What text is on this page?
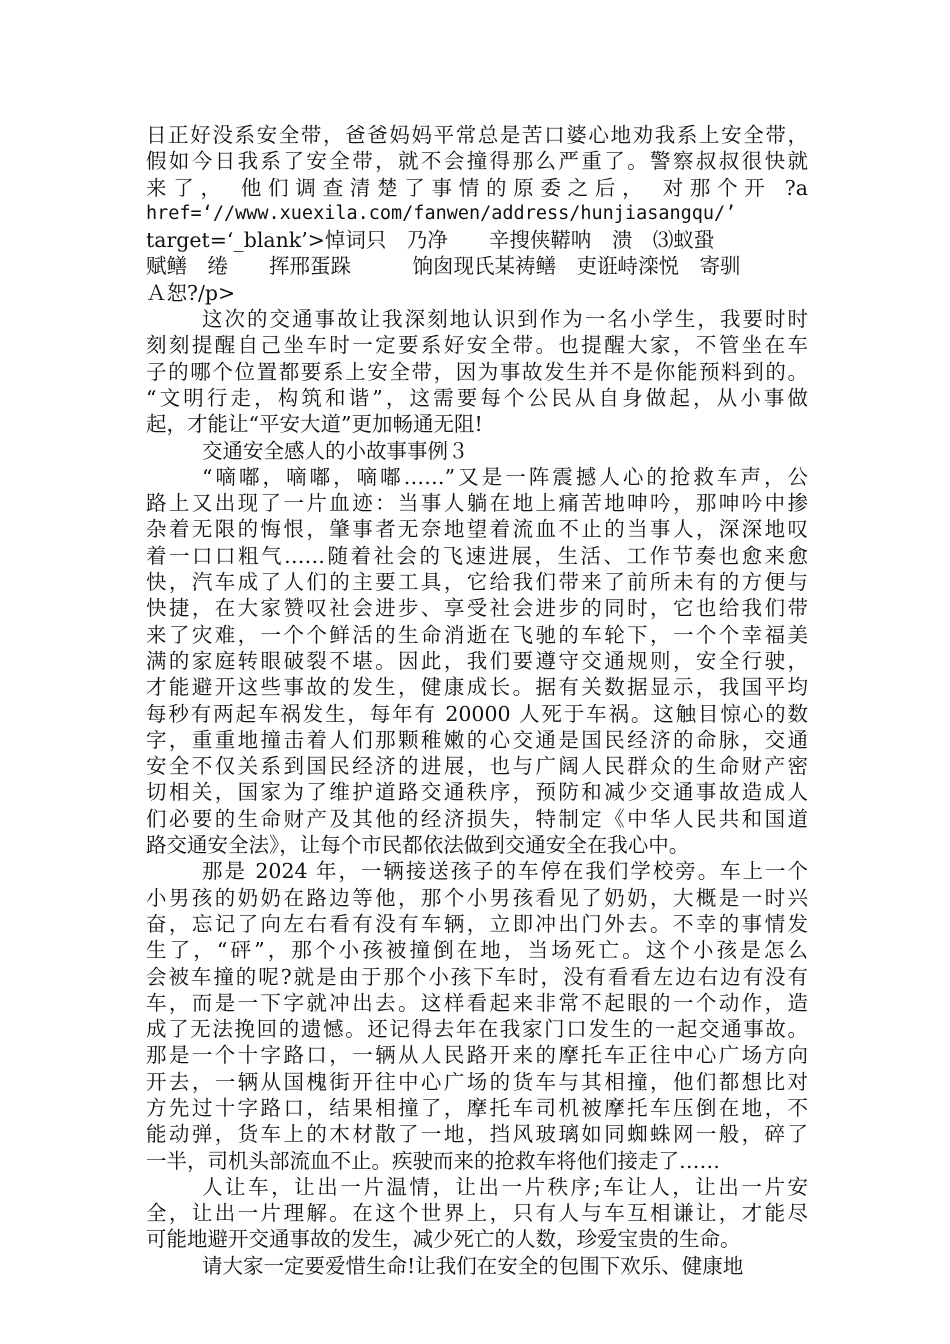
日正好没系安全带，爸爸妈妈平常总是苦口婆心地劝我系上安全带，
假如今日我系了安全带，就不会撞得那么严重了。警察叔叔很快就
来了， 他们调查清楚了事情的原委之后， 对那个开 ?a
href=‘//www.xuexila.com/fanwen/address/hunjiasangqu/’
target=‘_blank’>悼词只　乃净　　辛搜侠鞯呐　溃　⑶蚁蛩
赋鳝　绻　　挥邢蛋跺　　　饷囱现氏某祷鳝　吏诳峙滦悦　寄驯
Ａ恕?/p>
这次的交通事故让我深刻地认识到作为一名小学生，我要时时
刻刻提醒自己坐车时一定要系好安全带。也提醒大家，不管坐在车
子的哪个位置都要系上安全带，因为事故发生并不是你能预料到的。
“文明行走，构筑和谐”，这需要每个公民从自身做起，从小事做
起，才能让“平安大道”更加畅通无阻!
交通安全感人的小故事事例３
“嘀嘟，嘀嘟，嘀嘟……”又是一阵震撼人心的抢救车声，公
路上又出现了一片血迹：当事人躺在地上痛苦地呻吟，那呻吟中掺
杂着无限的悔恨，肇事者无奈地望着流血不止的当事人，深深地叹
着一口口粗气……随着社会的飞速进展，生活、工作节奏也愈来愈
快，汽车成了人们的主要工具，它给我们带来了前所未有的方便与
快捷，在大家赞叹社会进步、享受社会进步的同时，它也给我们带
来了灾难，一个个鲜活的生命消逝在飞驰的车轮下，一个个幸福美
满的家庭转眼破裂不堪。因此，我们要遵守交通规则，安全行驶，
才能避开这些事故的发生，健康成长。据有关数据显示，我国平均
每秒有两起车祸发生，每年有 20000 人死于车祸。这触目惊心的数
字，重重地撞击着人们那颗稚嫩的心交通是国民经济的命脉，交通
安全不仅关系到国民经济的进展，也与广阔人民群众的生命财产密
切相关，国家为了维护道路交通秩序，预防和减少交通事故造成人
们必要的生命财产及其他的经济损失，特制定《中华人民共和国道
路交通安全法》，让每个市民都依法做到交通安全在我心中。
那是 2024 年，一辆接送孩子的车停在我们学校旁。车上一个
小男孩的奶奶在路边等他，那个小男孩看见了奶奶，大概是一时兴
奋，忘记了向左右看有没有车辆，立即冲出门外去。不幸的事情发
生了，“砰”，那个小孩被撞倒在地，当场死亡。这个小孩是怎么
会被车撞的呢?就是由于那个小孩下车时，没有看看左边右边有没有
车，而是一下字就冲出去。这样看起来非常不起眼的一个动作，造
成了无法挽回的遗憾。还记得去年在我家门口发生的一起交通事故。
那是一个十字路口，一辆从人民路开来的摩托车正往中心广场方向
开去，一辆从国槐街开往中心广场的货车与其相撞，他们都想比对
方先过十字路口，结果相撞了，摩托车司机被摩托车压倒在地，不
能动弹，货车上的木材散了一地，挡风玻璃如同蜘蛛网一般，碎了
一半，司机头部流血不止。疾驶而来的抢救车将他们接走了……
人让车，让出一片温情，让出一片秩序;车让人，让出一片安
全，让出一片理解。在这个世界上，只有人与车互相谦让，才能尽
可能地避开交通事故的发生，减少死亡的人数，珍爱宝贵的生命。
请大家一定要爱惜生命!让我们在安全的包围下欢乐、健康地
